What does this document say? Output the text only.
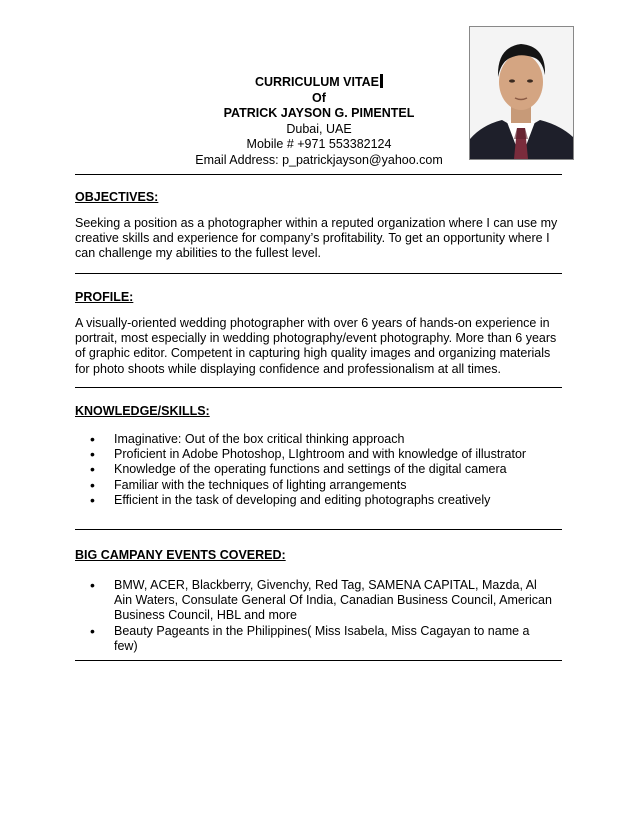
CURRICULUM VITAE
Of
PATRICK JAYSON G. PIMENTEL
Dubai, UAE
Mobile # +971 553382124
Email Address: p_patrickjayson@yahoo.com
OBJECTIVES:
Seeking a position as a photographer within a reputed organization where I can use my creative skills and experience for company’s profitability. To get an opportunity where I can challenge my abilities to the fullest level.
PROFILE:
A visually-oriented wedding photographer with over 6 years of hands-on experience in portrait, most especially in wedding photography/event photography. More than 6 years of graphic editor. Competent in capturing high quality images and organizing materials for photo shoots while displaying confidence and professionalism at all times.
KNOWLEDGE/SKILLS:
• Imaginative: Out of the box critical thinking approach
• Proficient in Adobe Photoshop, LIghtroom and with knowledge of illustrator
• Knowledge of the operating functions and settings of the digital camera
• Familiar with the techniques of lighting arrangements
• Efficient in the task of developing and editing photographs creatively
BIG CAMPANY EVENTS COVERED:
• BMW, ACER, Blackberry, Givenchy, Red Tag, SAMENA CAPITAL, Mazda, Al Ain Waters, Consulate General Of India, Canadian Business Council, American Business Council, HBL and more
• Beauty Pageants in the Philippines( Miss Isabela, Miss Cagayan to name a few)
